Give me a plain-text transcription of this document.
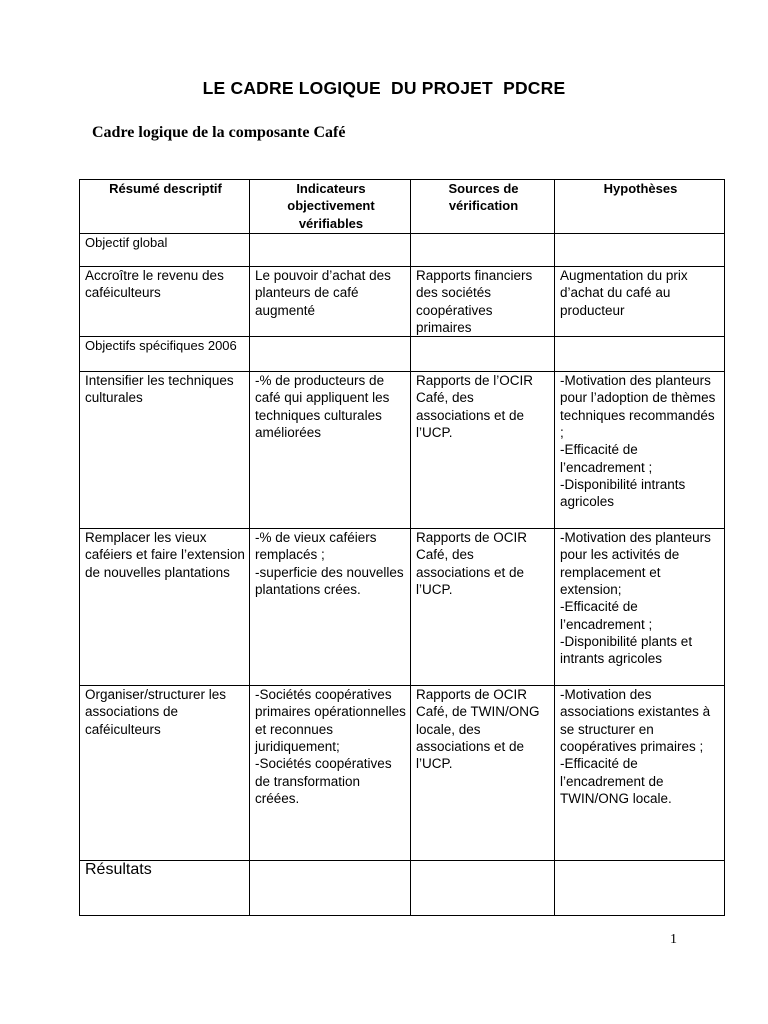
LE CADRE LOGIQUE  DU PROJET  PDCRE
Cadre logique de la composante Café
Résumé descriptif	Indicateurs objectivement vérifiables	Sources de vérification	Hypothèses
Objectif global			
Accroître le revenu des caféiculteurs	Le pouvoir d’achat des planteurs de café augmenté	Rapports financiers des sociétés coopératives primaires	Augmentation du prix d’achat du café au producteur
Objectifs spécifiques 2006			
Intensifier les techniques culturales	-% de producteurs de café qui appliquent les techniques culturales améliorées	Rapports de l’OCIR Café, des associations et de l’UCP.	-Motivation des planteurs pour l’adoption de thèmes techniques recommandés ;
-Efficacité de l’encadrement ;
-Disponibilité intrants agricoles

Remplacer les vieux caféiers et faire l’extension de nouvelles plantations	-% de vieux caféiers remplacés ;
-superficie des nouvelles plantations crées.	Rapports de OCIR Café, des associations et de l’UCP.	-Motivation des planteurs pour les activités de remplacement et extension;
-Efficacité de l’encadrement ;
-Disponibilité plants et intrants agricoles

Organiser/structurer les associations de caféiculteurs	-Sociétés coopératives primaires opérationnelles et reconnues juridiquement;
-Sociétés coopératives de transformation créées.	Rapports de OCIR Café, de TWIN/ONG locale, des associations et de l’UCP.	-Motivation des associations existantes à se structurer en coopératives primaires ;
-Efficacité de l’encadrement de TWIN/ONG locale.

Résultats			
1
